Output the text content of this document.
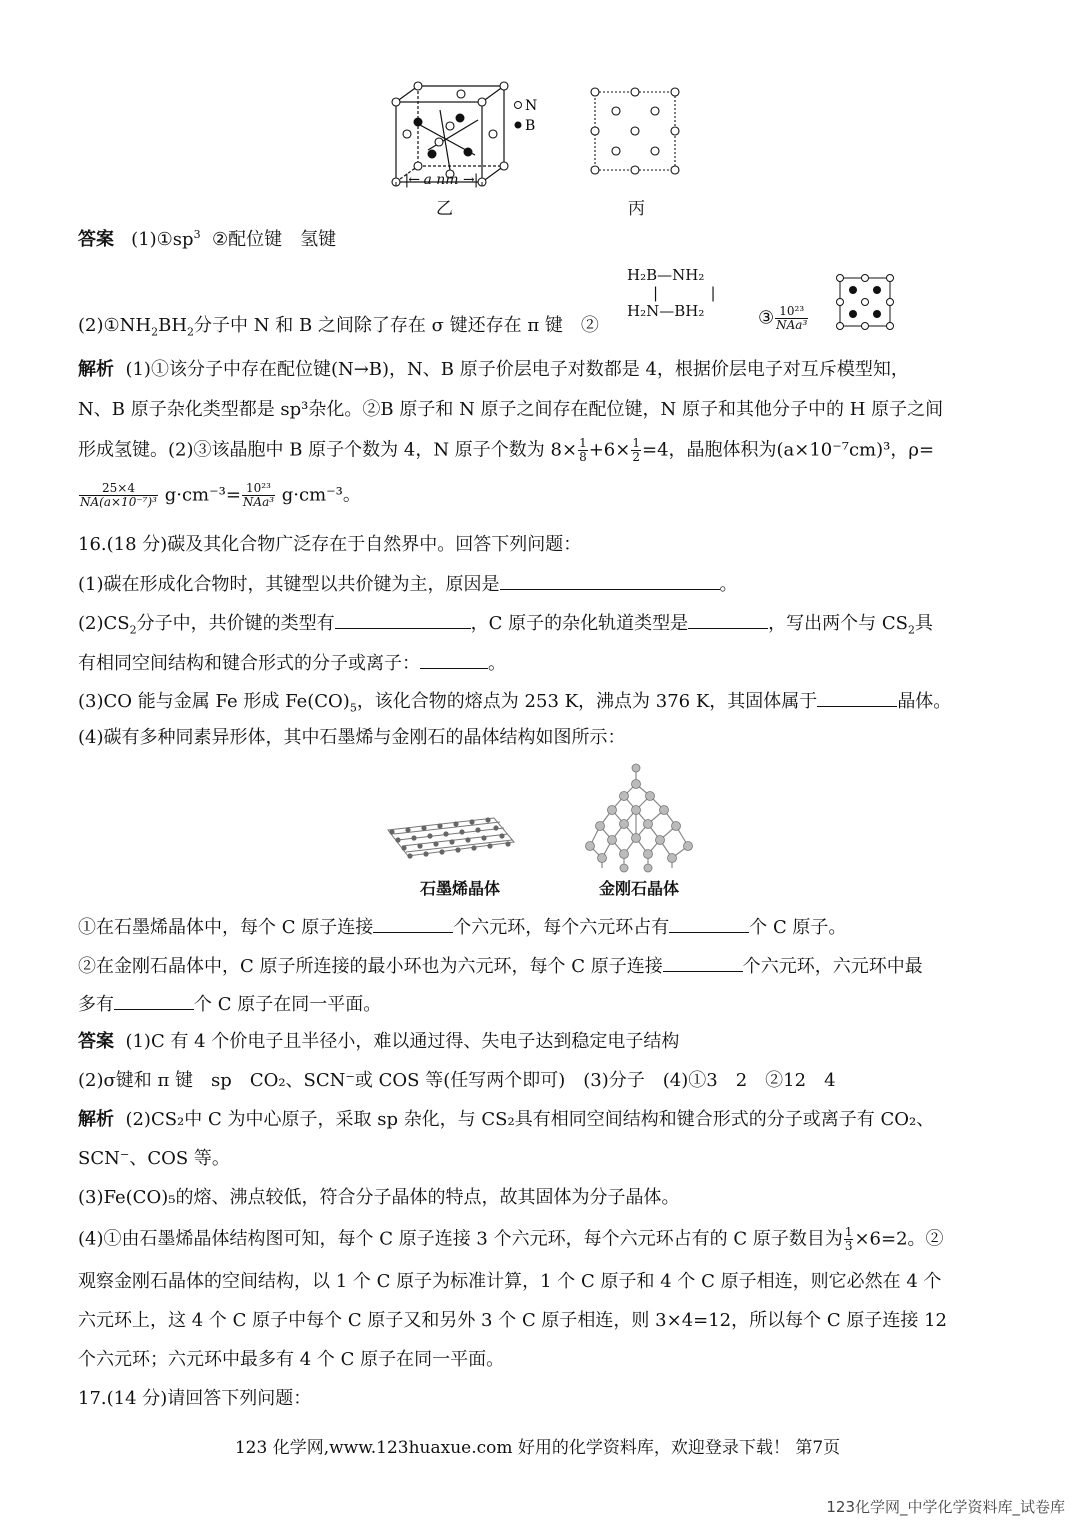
N
B
|← a nm →|
乙	丙
答案 $(1)①sp^3$ ②配位键　氢键
H₂B—NH₂
|           |
H₂N—BH₂
$(2)①NH_2BH_2$分子中 N 和 B 之间除了存在 σ 键还存在 π 键　②	③ $\frac{\text{10²³}}{\text{NAa³}}$
解析 (1)①该分子中存在配位键(N→B)，N、B 原子价层电子对数都是 4，根据价层电子对互斥模型知，
N、B 原子杂化类型都是 sp³杂化。②B 原子和 N 原子之间存在配位键，N 原子和其他分子中的 H 原子之间
形成氢键。(2)③该晶胞中 B 原子个数为 4，N 原子个数为 $8\times \frac{1}{8} +6\times \frac{1}{2} =4$，晶胞体积为(a×10⁻⁷cm)³，ρ=
$\frac{25\times 4}{\text{NA(a×10⁻⁷)³}} g\cdot cm^{-3}= \frac{\text{10²³}}{\text{NAa³}} g\cdot cm^{-3}$。
16.(18 分)碳及其化合物广泛存在于自然界中。回答下列问题：
(1)碳在形成化合物时，其键型以共价键为主，原因是	。
$(2)CS_2$分子中，共价键的类型有	，C 原子的杂化轨道类型是	，写出两个与 $CS_2$具
有相同空间结构和键合形式的分子或离子：	。
(3)CO 能与金属 Fe 形成 $Fe(CO)_5$，该化合物的熔点为 253 K，沸点为 376 K，其固体属于	晶体。
(4)碳有多种同素异形体，其中石墨烯与金刚石的晶体结构如图所示：
石墨烯晶体	金刚石晶体
①在石墨烯晶体中，每个 C 原子连接	个六元环，每个六元环占有	个 C 原子。
②在金刚石晶体中，C 原子所连接的最小环也为六元环，每个 C 原子连接	个六元环，六元环中最
多有	个 C 原子在同一平面。
答案 (1)C 有 4 个价电子且半径小，难以通过得、失电子达到稳定电子结构
(2)σ键和 π 键　sp　CO₂、SCN⁻或 COS 等(任写两个即可)　(3)分子　(4)①3　2　②12　4
解析 (2)CS₂中 C 为中心原子，采取 sp 杂化，与 CS₂具有相同空间结构和键合形式的分子或离子有 CO₂、
SCN⁻、COS 等。
(3)Fe(CO)₅的熔、沸点较低，符合分子晶体的特点，故其固体为分子晶体。
(4)①由石墨烯晶体结构图可知，每个 C 原子连接 3 个六元环，每个六元环占有的 C 原子数目为 $\frac{1}{3} \times 6=2$。②
观察金刚石晶体的空间结构，以 1 个 C 原子为标准计算，1 个 C 原子和 4 个 C 原子相连，则它必然在 4 个
六元环上，这 4 个 C 原子中每个 C 原子又和另外 3 个 C 原子相连，则 3×4=12，所以每个 C 原子连接 12
个六元环；六元环中最多有 4 个 C 原子在同一平面。
17.(14 分)请回答下列问题：
123 化学网,www.123huaxue.com 好用的化学资料库，欢迎登录下载！ 第7页
123化学网_中学化学资料库_试卷库
